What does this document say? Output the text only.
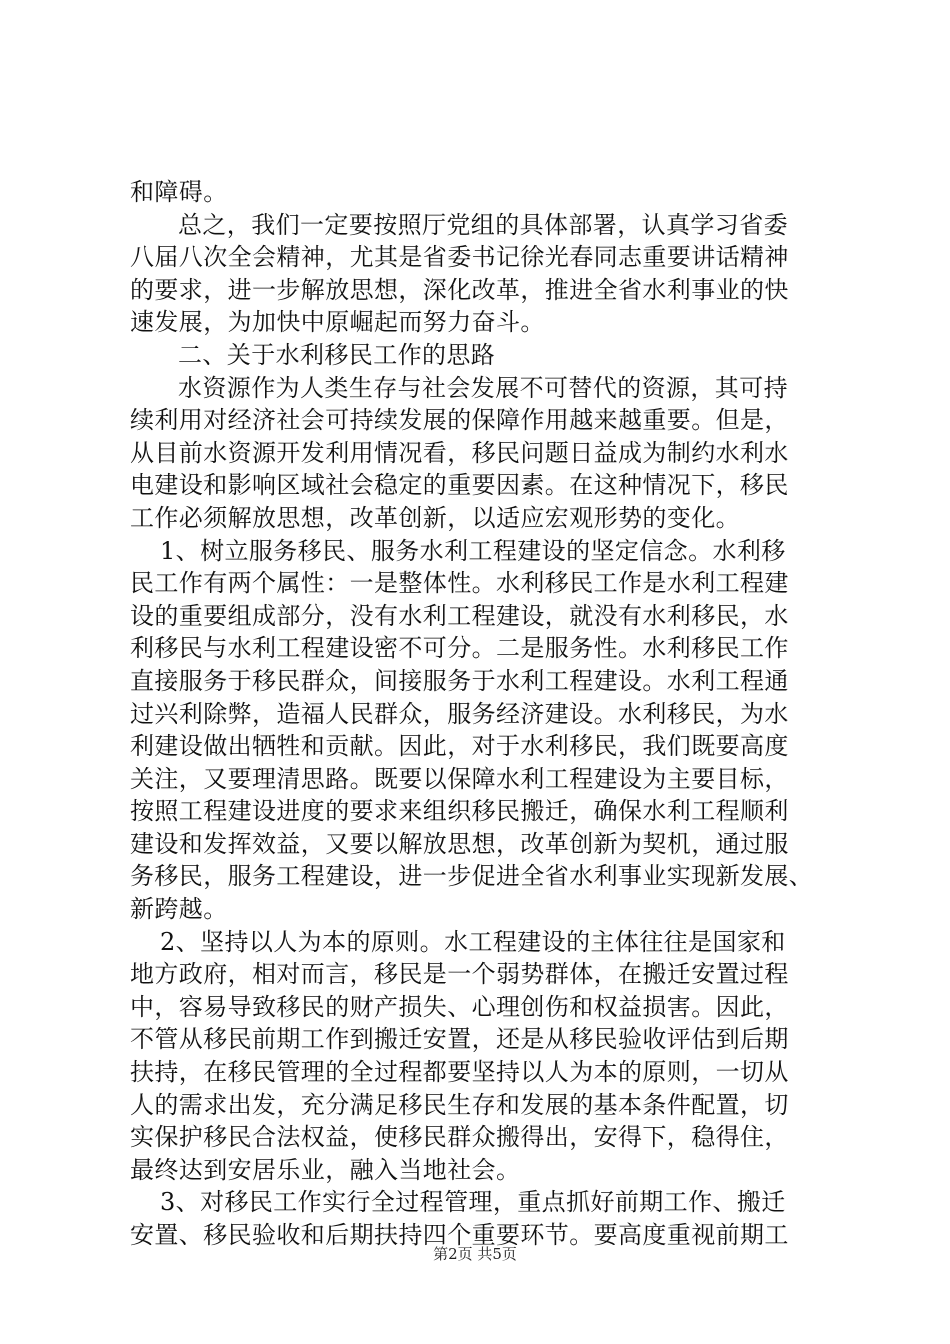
和障碍。
总之，我们一定要按照厅党组的具体部署，认真学习省委
八届八次全会精神，尤其是省委书记徐光春同志重要讲话精神
的要求，进一步解放思想，深化改革，推进全省水利事业的快
速发展，为加快中原崛起而努力奋斗。
二、关于水利移民工作的思路
水资源作为人类生存与社会发展不可替代的资源，其可持
续利用对经济社会可持续发展的保障作用越来越重要。但是，
从目前水资源开发利用情况看，移民问题日益成为制约水利水
电建设和影响区域社会稳定的重要因素。在这种情况下，移民
工作必须解放思想，改革创新，以适应宏观形势的变化。
1、树立服务移民、服务水利工程建设的坚定信念。水利移
民工作有两个属性：一是整体性。水利移民工作是水利工程建
设的重要组成部分，没有水利工程建设，就没有水利移民，水
利移民与水利工程建设密不可分。二是服务性。水利移民工作
直接服务于移民群众，间接服务于水利工程建设。水利工程通
过兴利除弊，造福人民群众，服务经济建设。水利移民，为水
利建设做出牺牲和贡献。因此，对于水利移民，我们既要高度
关注，又要理清思路。既要以保障水利工程建设为主要目标，
按照工程建设进度的要求来组织移民搬迁，确保水利工程顺利
建设和发挥效益，又要以解放思想，改革创新为契机，通过服
务移民，服务工程建设，进一步促进全省水利事业实现新发展、
新跨越。
2、坚持以人为本的原则。水工程建设的主体往往是国家和
地方政府，相对而言，移民是一个弱势群体，在搬迁安置过程
中，容易导致移民的财产损失、心理创伤和权益损害。因此，
不管从移民前期工作到搬迁安置，还是从移民验收评估到后期
扶持，在移民管理的全过程都要坚持以人为本的原则，一切从
人的需求出发，充分满足移民生存和发展的基本条件配置，切
实保护移民合法权益，使移民群众搬得出，安得下，稳得住，
最终达到安居乐业，融入当地社会。
3、对移民工作实行全过程管理，重点抓好前期工作、搬迁
安置、移民验收和后期扶持四个重要环节。要高度重视前期工
第2页 共5页
